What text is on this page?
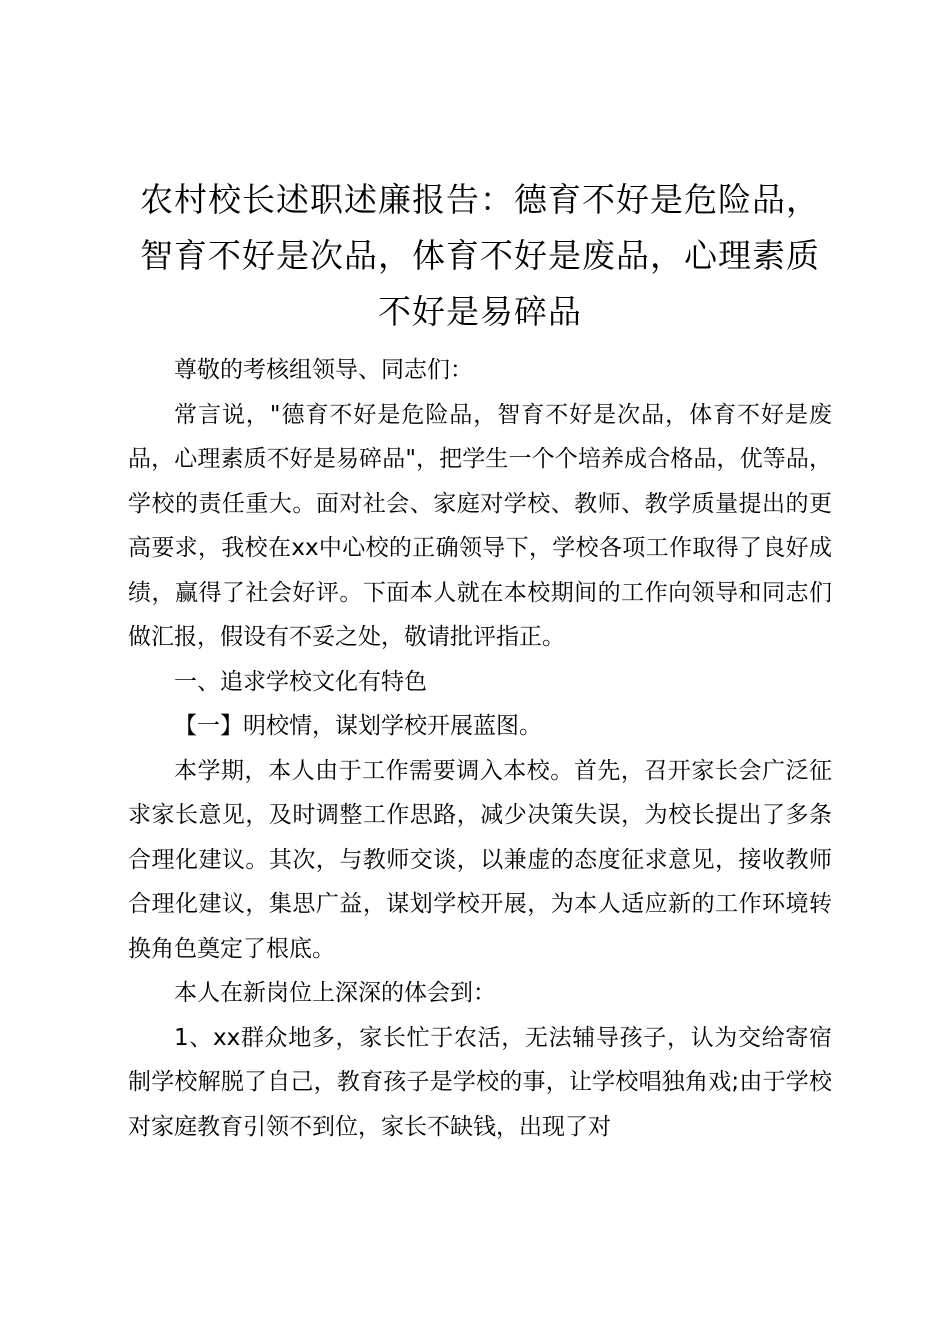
农村校长述职述廉报告：德育不好是危险品，
智育不好是次品，体育不好是废品，心理素质
不好是易碎品

尊敬的考核组领导、同志们：

常言说，"德育不好是危险品，智育不好是次品，体育不好是废品，心理素质不好是易碎品"，把学生一个个培养成合格品，优等品，学校的责任重大。面对社会、家庭对学校、教师、教学质量提出的更高要求，我校在xx中心校的正确领导下，学校各项工作取得了良好成绩，赢得了社会好评。下面本人就在本校期间的工作向领导和同志们做汇报，假设有不妥之处，敬请批评指正。

一、追求学校文化有特色

【一】明校情，谋划学校开展蓝图。

本学期，本人由于工作需要调入本校。首先，召开家长会广泛征求家长意见，及时调整工作思路，减少决策失误，为校长提出了多条合理化建议。其次，与教师交谈，以兼虚的态度征求意见，接收教师合理化建议，集思广益，谋划学校开展，为本人适应新的工作环境转换角色奠定了根底。

本人在新岗位上深深的体会到：

1、xx群众地多，家长忙于农活，无法辅导孩子，认为交给寄宿制学校解脱了自己，教育孩子是学校的事，让学校唱独角戏;由于学校对家庭教育引领不到位，家长不缺钱，出现了对
